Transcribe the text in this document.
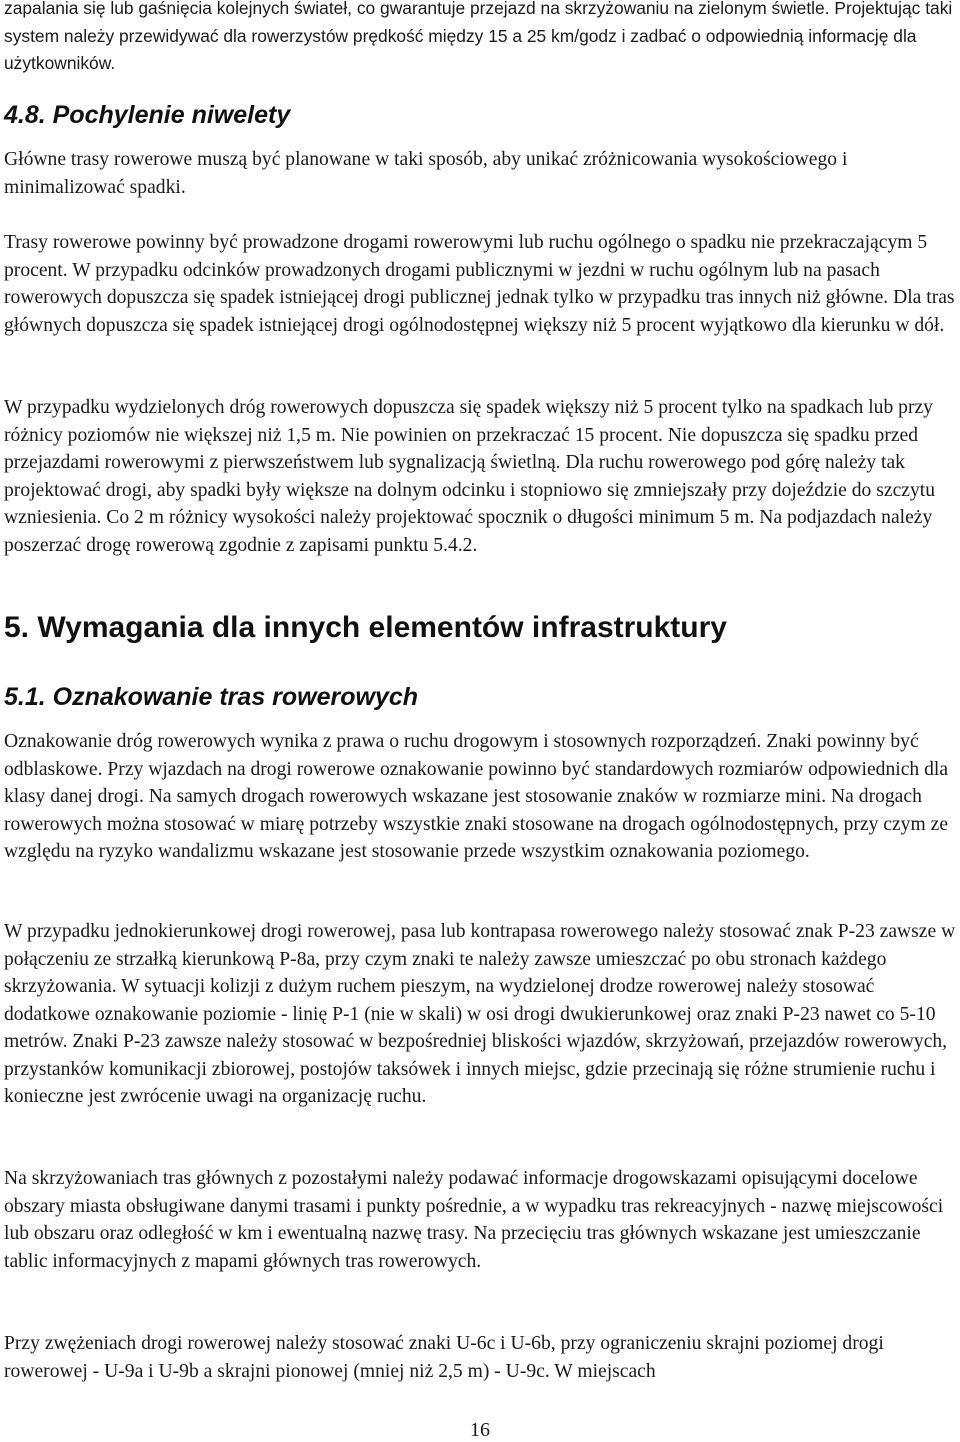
zapalania się lub gaśnięcia kolejnych świateł, co gwarantuje przejazd na skrzyżowaniu na zielonym świetle. Projektując taki system należy przewidywać dla rowerzystów prędkość między 15 a 25 km/godz i zadbać o odpowiednią informację dla użytkowników.

4.8. Pochylenie niwelety

Główne trasy rowerowe muszą być planowane w taki sposób, aby unikać zróżnicowania wysokościowego i minimalizować spadki.

Trasy rowerowe powinny być prowadzone drogami rowerowymi lub ruchu ogólnego o spadku nie przekraczającym 5 procent. W przypadku odcinków prowadzonych drogami publicznymi w jezdni w ruchu ogólnym lub na pasach rowerowych dopuszcza się spadek istniejącej drogi publicznej jednak tylko w przypadku tras innych niż główne. Dla tras głównych dopuszcza się spadek istniejącej drogi ogólnodostępnej większy niż 5 procent wyjątkowo dla kierunku w dół.

W przypadku wydzielonych dróg rowerowych dopuszcza się spadek większy niż 5 procent tylko na spadkach lub przy różnicy poziomów nie większej niż 1,5 m. Nie powinien on przekraczać 15 procent. Nie dopuszcza się spadku przed przejazdami rowerowymi z pierwszeństwem lub sygnalizacją świetlną. Dla ruchu rowerowego pod górę należy tak projektować drogi, aby spadki były większe na dolnym odcinku i stopniowo się zmniejszały przy dojeździe do szczytu wzniesienia. Co 2 m różnicy wysokości należy projektować spocznik o długości minimum 5 m. Na podjazdach należy poszerzać drogę rowerową zgodnie z zapisami punktu 5.4.2.

5. Wymagania dla innych elementów infrastruktury
5.1. Oznakowanie tras rowerowych

Oznakowanie dróg rowerowych wynika z prawa o ruchu drogowym i stosownych rozporządzeń. Znaki powinny być odblaskowe. Przy wjazdach na drogi rowerowe oznakowanie powinno być standardowych rozmiarów odpowiednich dla klasy danej drogi. Na samych drogach rowerowych wskazane jest stosowanie znaków w rozmiarze mini. Na drogach rowerowych można stosować w miarę potrzeby wszystkie znaki stosowane na drogach ogólnodostępnych, przy czym ze względu na ryzyko wandalizmu wskazane jest stosowanie przede wszystkim oznakowania poziomego.

W przypadku jednokierunkowej drogi rowerowej, pasa lub kontrapasa rowerowego należy stosować znak P-23 zawsze w połączeniu ze strzałką kierunkową P-8a, przy czym znaki te należy zawsze umieszczać po obu stronach każdego skrzyżowania. W sytuacji kolizji z dużym ruchem pieszym, na wydzielonej drodze rowerowej należy stosować dodatkowe oznakowanie poziomie - linię P-1 (nie w skali) w osi drogi dwukierunkowej oraz znaki P-23 nawet co 5-10 metrów. Znaki P-23 zawsze należy stosować w bezpośredniej bliskości wjazdów, skrzyżowań, przejazdów rowerowych, przystanków komunikacji zbiorowej, postojów taksówek i innych miejsc, gdzie przecinają się różne strumienie ruchu i konieczne jest zwrócenie uwagi na organizację ruchu.

Na skrzyżowaniach tras głównych z pozostałymi należy podawać informacje drogowskazami opisującymi docelowe obszary miasta obsługiwane danymi trasami i punkty pośrednie, a w wypadku tras rekreacyjnych - nazwę miejscowości lub obszaru oraz odległość w km i ewentualną nazwę trasy. Na przecięciu tras głównych wskazane jest umieszczanie tablic informacyjnych z mapami głównych tras rowerowych.

Przy zwężeniach drogi rowerowej należy stosować znaki U-6c i U-6b, przy ograniczeniu skrajni poziomej drogi rowerowej - U-9a i U-9b a skrajni pionowej (mniej niż 2,5 m) - U-9c. W miejscach

16
